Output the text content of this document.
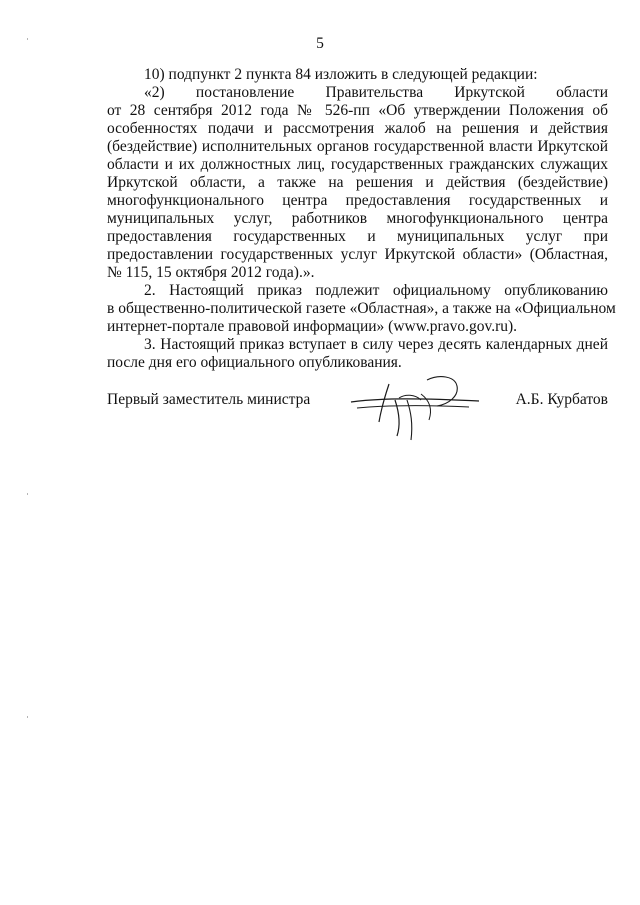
5
10) подпункт 2 пункта 84 изложить в следующей редакции:
«2) постановление Правительства Иркутской области
от 28 сентября 2012 года № 526-пп «Об утверждении Положения об
особенностях подачи и рассмотрения жалоб на решения и действия
(бездействие) исполнительных органов государственной власти Иркутской
области и их должностных лиц, государственных гражданских служащих
Иркутской области, а также на решения и действия (бездействие)
многофункционального центра предоставления государственных и
муниципальных услуг, работников многофункционального центра
предоставления государственных и муниципальных услуг при
предоставлении государственных услуг Иркутской области» (Областная,
№ 115, 15 октября 2012 года).».
2. Настоящий приказ подлежит официальному опубликованию
в общественно-политической газете «Областная», а также на «Официальном
интернет-портале правовой информации» (www.pravo.gov.ru).
3. Настоящий приказ вступает в силу через десять календарных дней
после дня его официального опубликования.
Первый заместитель министра	А.Б. Курбатов
